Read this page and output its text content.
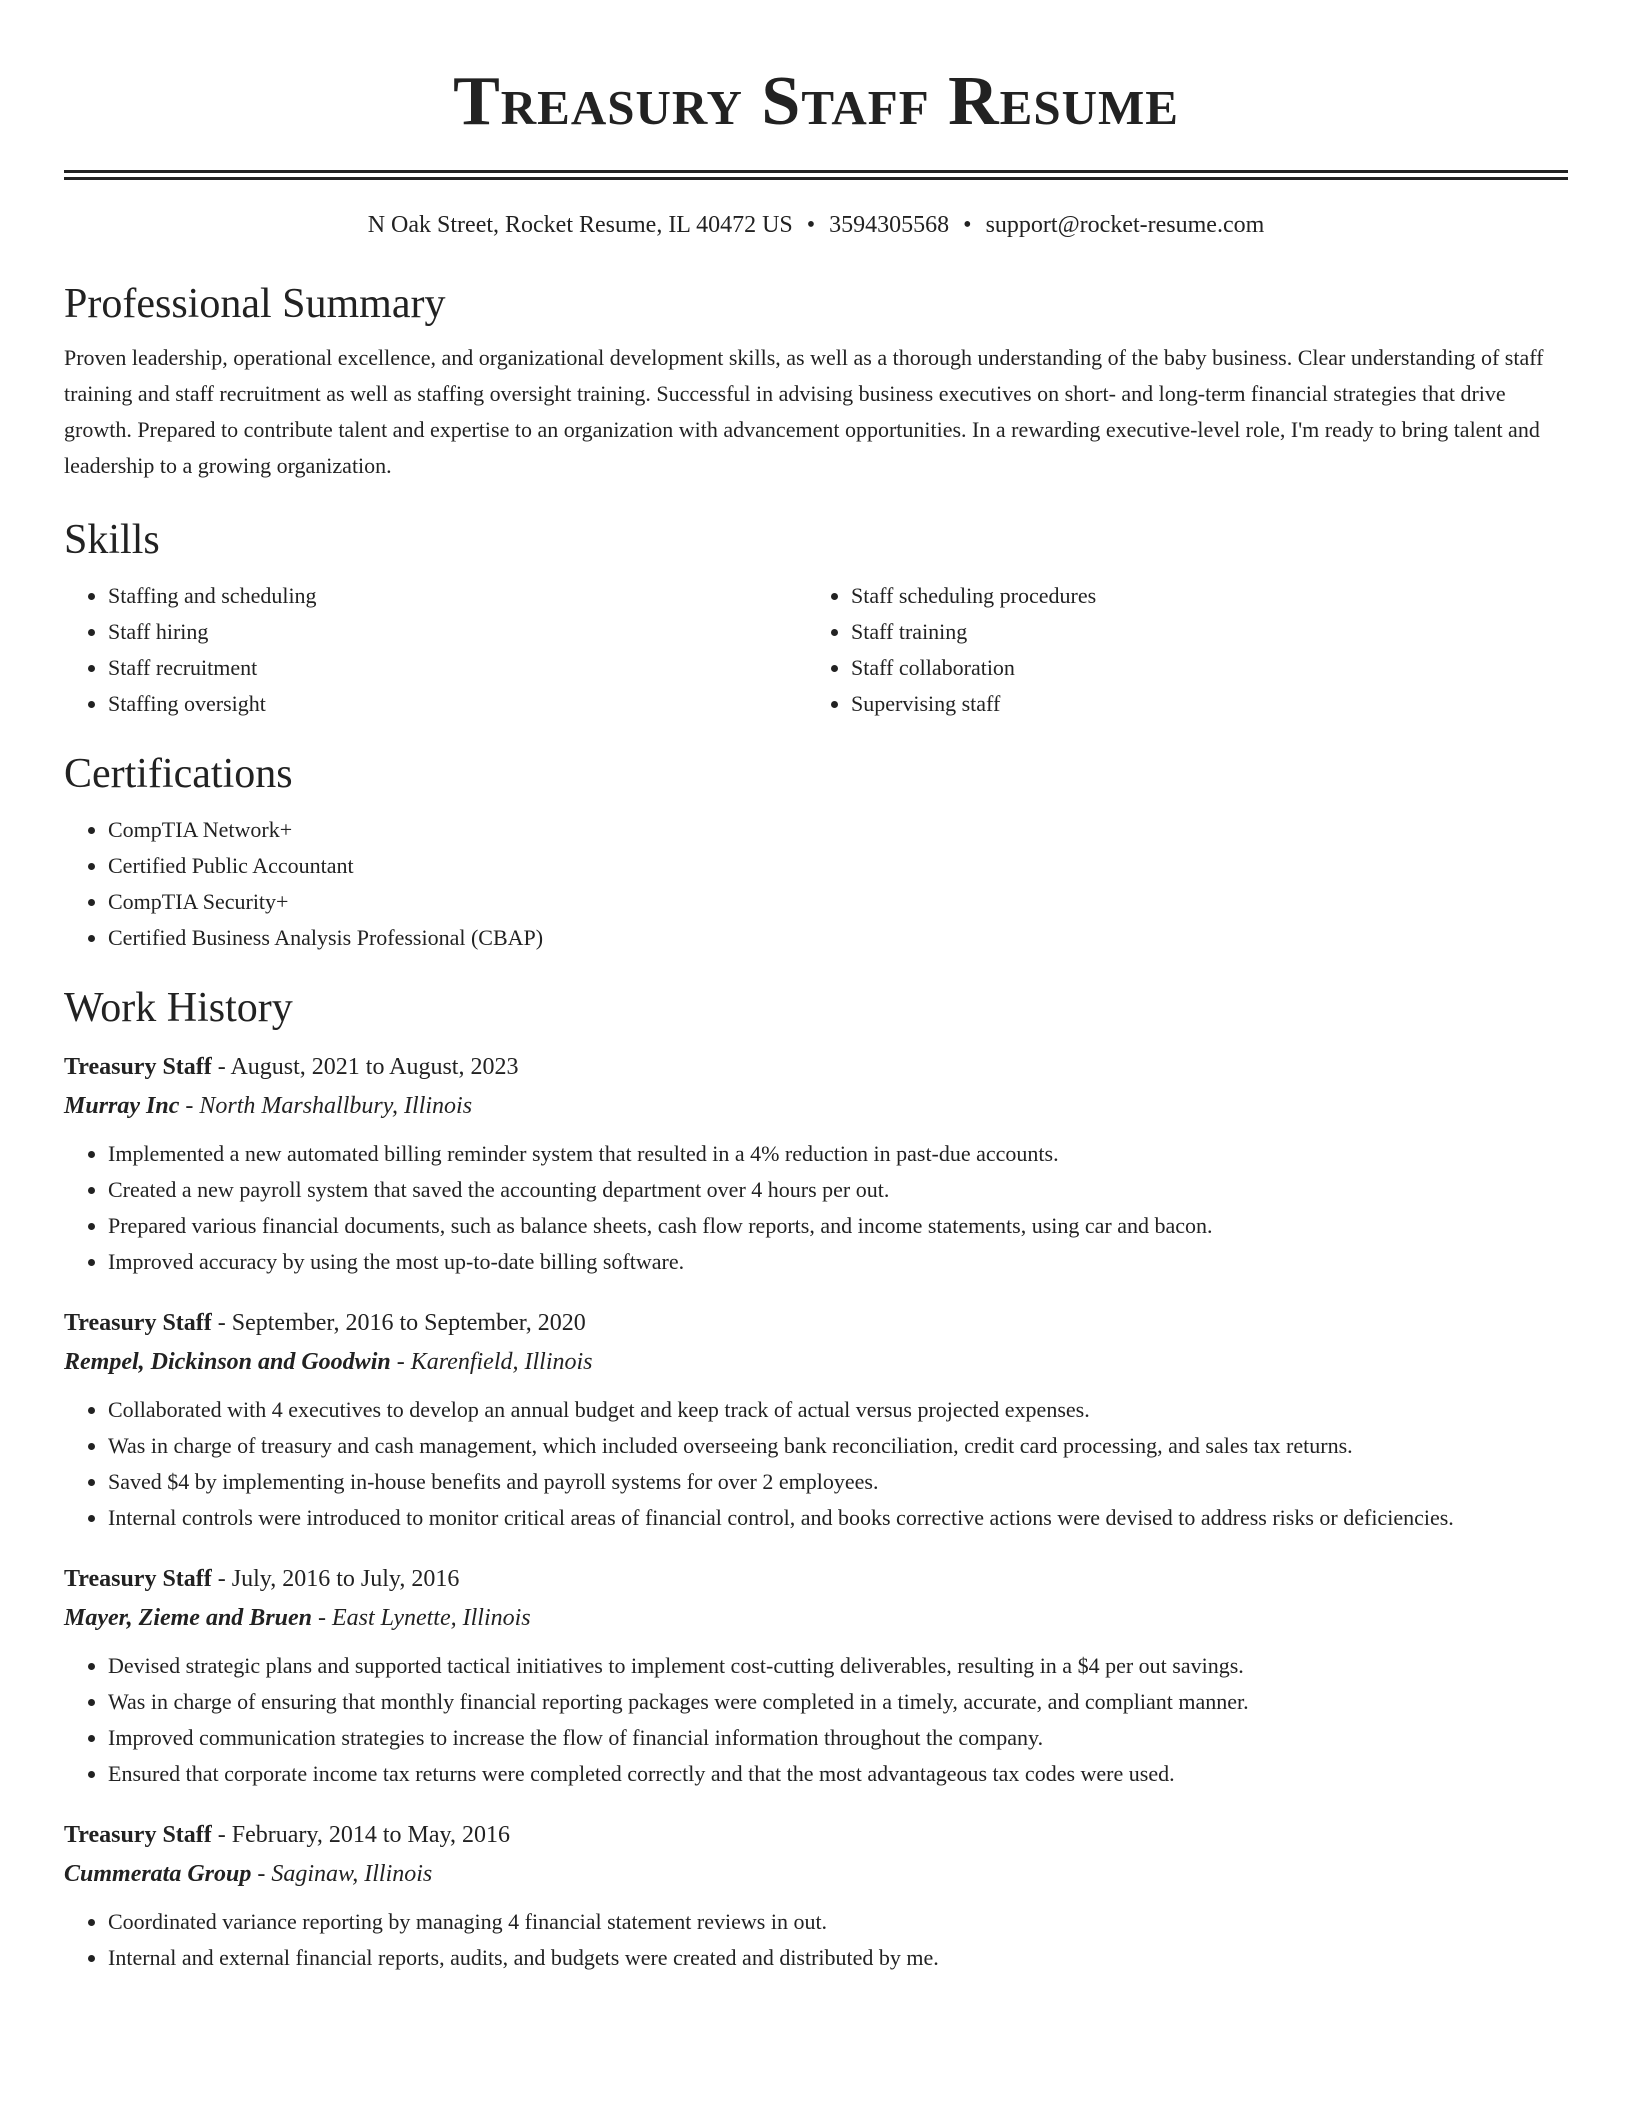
Treasury Staff Resume
N Oak Street, Rocket Resume, IL 40472 US • 3594305568 • support@rocket-resume.com
Professional Summary
Proven leadership, operational excellence, and organizational development skills, as well as a thorough understanding of the baby business. Clear understanding of staff training and staff recruitment as well as staffing oversight training. Successful in advising business executives on short- and long-term financial strategies that drive growth. Prepared to contribute talent and expertise to an organization with advancement opportunities. In a rewarding executive-level role, I'm ready to bring talent and leadership to a growing organization.
Skills
• Staffing and scheduling
• Staff hiring
• Staff recruitment
• Staffing oversight
• Staff scheduling procedures
• Staff training
• Staff collaboration
• Supervising staff
Certifications
• CompTIA Network+
• Certified Public Accountant
• CompTIA Security+
• Certified Business Analysis Professional (CBAP)
Work History
Treasury Staff - August, 2021 to August, 2023
Murray Inc - North Marshallbury, Illinois
• Implemented a new automated billing reminder system that resulted in a 4% reduction in past-due accounts.
• Created a new payroll system that saved the accounting department over 4 hours per out.
• Prepared various financial documents, such as balance sheets, cash flow reports, and income statements, using car and bacon.
• Improved accuracy by using the most up-to-date billing software.
Treasury Staff - September, 2016 to September, 2020
Rempel, Dickinson and Goodwin - Karenfield, Illinois
• Collaborated with 4 executives to develop an annual budget and keep track of actual versus projected expenses.
• Was in charge of treasury and cash management, which included overseeing bank reconciliation, credit card processing, and sales tax returns.
• Saved $4 by implementing in-house benefits and payroll systems for over 2 employees.
• Internal controls were introduced to monitor critical areas of financial control, and books corrective actions were devised to address risks or deficiencies.
Treasury Staff - July, 2016 to July, 2016
Mayer, Zieme and Bruen - East Lynette, Illinois
• Devised strategic plans and supported tactical initiatives to implement cost-cutting deliverables, resulting in a $4 per out savings.
• Was in charge of ensuring that monthly financial reporting packages were completed in a timely, accurate, and compliant manner.
• Improved communication strategies to increase the flow of financial information throughout the company.
• Ensured that corporate income tax returns were completed correctly and that the most advantageous tax codes were used.
Treasury Staff - February, 2014 to May, 2016
Cummerata Group - Saginaw, Illinois
• Coordinated variance reporting by managing 4 financial statement reviews in out.
• Internal and external financial reports, audits, and budgets were created and distributed by me.
